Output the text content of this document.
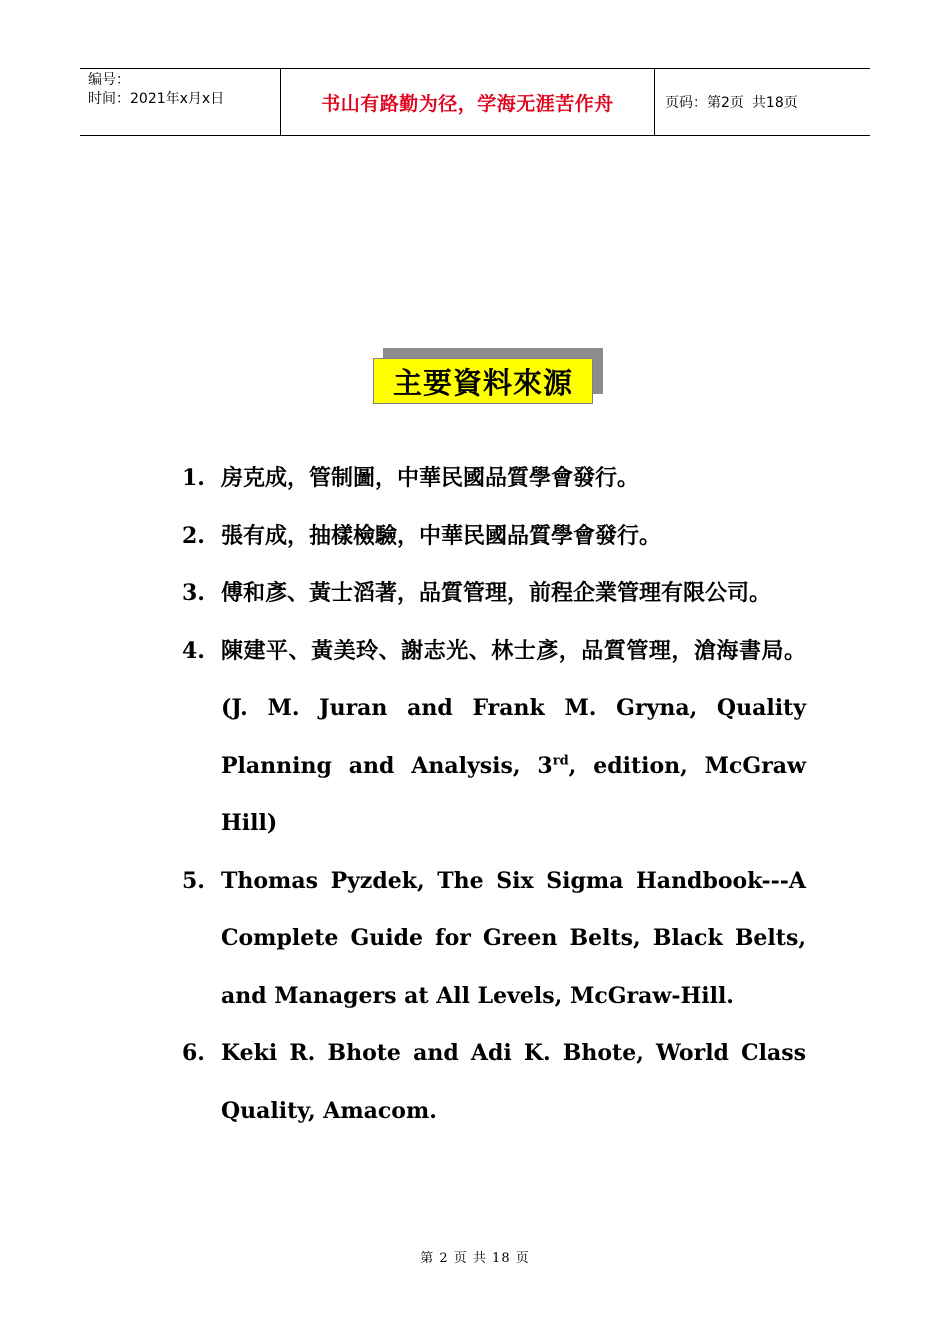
编号：
时间：2021年x月x日	书山有路勤为径，学海无涯苦作舟	页码：第2页 共18页
主要資料來源
1. 房克成，管制圖，中華民國品質學會發行。
2. 張有成，抽樣檢驗，中華民國品質學會發行。
3. 傅和彥、黃士滔著，品質管理，前程企業管理有限公司。
4. 陳建平、黃美玲、謝志光、林士彥，品質管理，滄海書局。(J. M. Juran and Frank M. Gryna, Quality Planning and Analysis, 3rd, edition, McGraw Hill)
5. Thomas Pyzdek, The Six Sigma Handbook---A Complete Guide for Green Belts, Black Belts, and Managers at All Levels, McGraw-Hill.
6. Keki R. Bhote and Adi K. Bhote, World Class Quality, Amacom.
第 2 页 共 18 页
